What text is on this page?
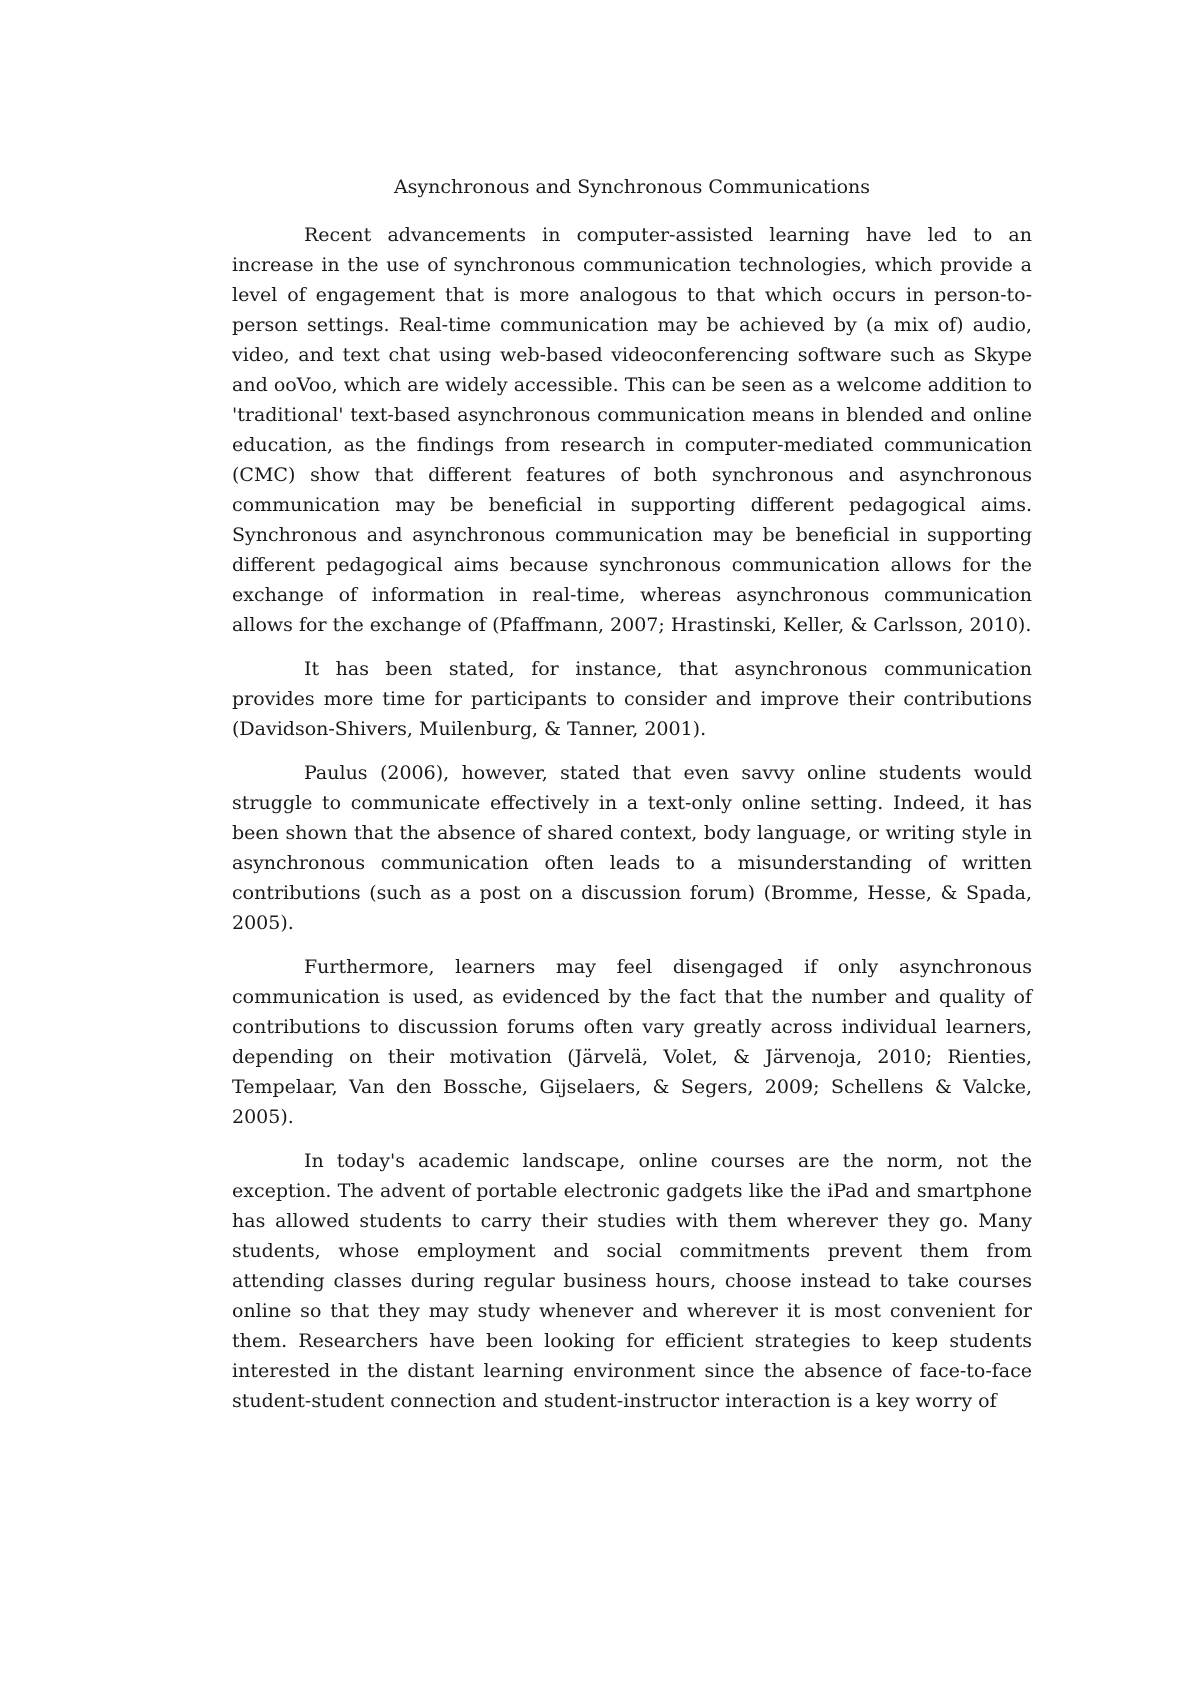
Asynchronous and Synchronous Communications

Recent advancements in computer-assisted learning have led to an increase in the use of synchronous communication technologies, which provide a level of engagement that is more analogous to that which occurs in person-to-person settings. Real-time communication may be achieved by (a mix of) audio, video, and text chat using web-based videoconferencing software such as Skype and ooVoo, which are widely accessible. This can be seen as a welcome addition to 'traditional' text-based asynchronous communication means in blended and online education, as the findings from research in computer-mediated communication (CMC) show that different features of both synchronous and asynchronous communication may be beneficial in supporting different pedagogical aims. Synchronous and asynchronous communication may be beneficial in supporting different pedagogical aims because synchronous communication allows for the exchange of information in real-time, whereas asynchronous communication allows for the exchange of (Pfaffmann, 2007; Hrastinski, Keller, & Carlsson, 2010).

It has been stated, for instance, that asynchronous communication provides more time for participants to consider and improve their contributions (Davidson-Shivers, Muilenburg, & Tanner, 2001).

Paulus (2006), however, stated that even savvy online students would struggle to communicate effectively in a text-only online setting. Indeed, it has been shown that the absence of shared context, body language, or writing style in asynchronous communication often leads to a misunderstanding of written contributions (such as a post on a discussion forum) (Bromme, Hesse, & Spada, 2005).

Furthermore, learners may feel disengaged if only asynchronous communication is used, as evidenced by the fact that the number and quality of contributions to discussion forums often vary greatly across individual learners, depending on their motivation (Järvelä, Volet, & Järvenoja, 2010; Rienties, Tempelaar, Van den Bossche, Gijselaers, & Segers, 2009; Schellens & Valcke, 2005).

In today's academic landscape, online courses are the norm, not the exception. The advent of portable electronic gadgets like the iPad and smartphone has allowed students to carry their studies with them wherever they go. Many students, whose employment and social commitments prevent them from attending classes during regular business hours, choose instead to take courses online so that they may study whenever and wherever it is most convenient for them. Researchers have been looking for efficient strategies to keep students interested in the distant learning environment since the absence of face-to-face student-student connection and student-instructor interaction is a key worry of
